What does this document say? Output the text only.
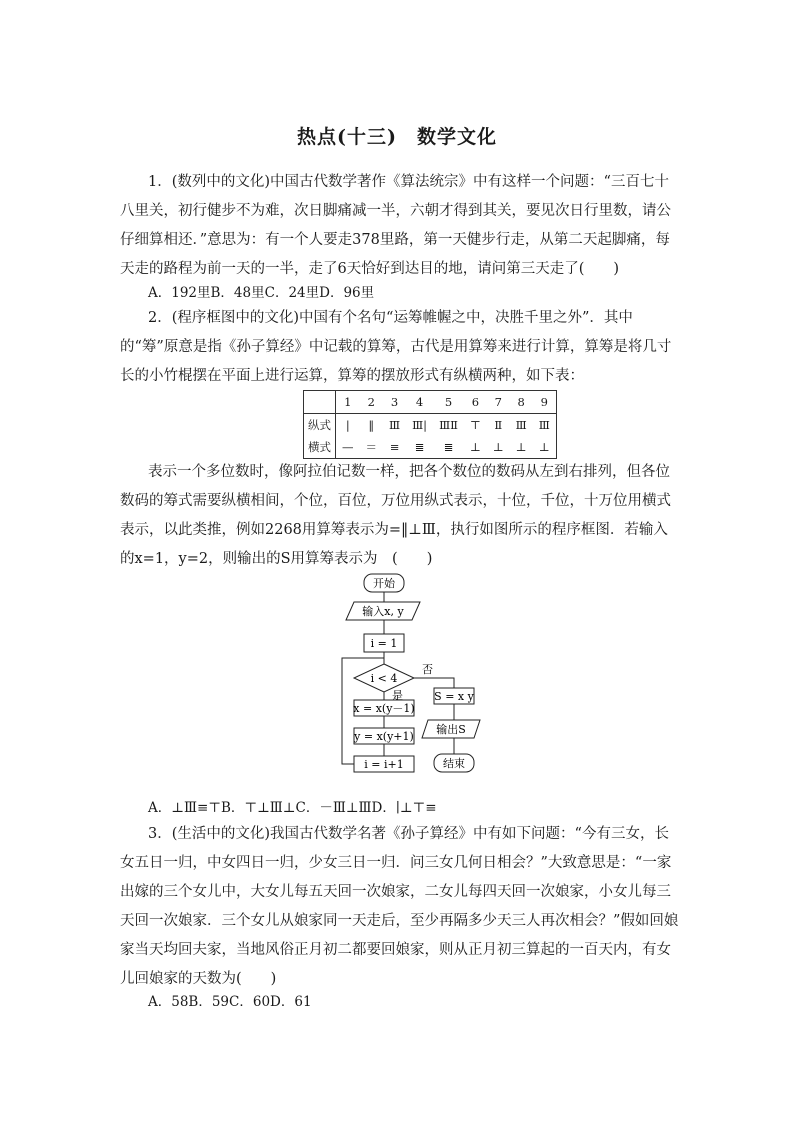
热点(十三)　数学文化
1．(数列中的文化)中国古代数学著作《算法统宗》中有这样一个问题：“三百七十八里关，初行健步不为难，次日脚痛减一半，六朝才得到其关，要见次日行里数，请公仔细算相还．”意思为：有一个人要走378里路，第一天健步行走，从第二天起脚痛，每天走的路程为前一天的一半，走了6天恰好到达目的地，请问第三天走了(　　)
A．192里B．48里C．24里D．96里
2．(程序框图中的文化)中国有个名句“运筹帷幄之中，决胜千里之外”．其中的“筹”原意是指《孙子算经》中记载的算筹，古代是用算筹来进行计算，算筹是将几寸长的小竹棍摆在平面上进行运算，算筹的摆放形式有纵横两种，如下表：
	1	2	3	4	5	6	7	8	9
纵式	|	‖	Ⅲ	Ⅲ|	ⅢⅡ	⊤	Ⅱ	Ⅲ	Ⅲ
横式	—	＝	≡	≣	≣	⊥	⊥	⊥	⊥
表示一个多位数时，像阿拉伯记数一样，把各个数位的数码从左到右排列，但各位数码的筹式需要纵横相间，个位，百位，万位用纵式表示，十位，千位，十万位用横式表示，以此类推，例如2268用算筹表示为=‖⊥Ⅲ，执行如图所示的程序框图．若输入的x=1，y=2，则输出的S用算筹表示为　(　　)
开始
输入x, y
i = 1
i < 4
是
否
x = x(y－1)
y = x(y+1)
i = i+1
S = x y
输出S
结束
A．⊥Ⅲ≡⊤B．⊤⊥Ⅲ⊥C．－Ⅲ⊥ⅢD．∣⊥⊤≡
3．(生活中的文化)我国古代数学名著《孙子算经》中有如下问题：“今有三女，长女五日一归，中女四日一归，少女三日一归．问三女几何日相会？”大致意思是：“一家出嫁的三个女儿中，大女儿每五天回一次娘家，二女儿每四天回一次娘家，小女儿每三天回一次娘家．三个女儿从娘家同一天走后，至少再隔多少天三人再次相会？”假如回娘家当天均回夫家，当地风俗正月初二都要回娘家，则从正月初三算起的一百天内，有女儿回娘家的天数为(　　)
A．58B．59C．60D．61
